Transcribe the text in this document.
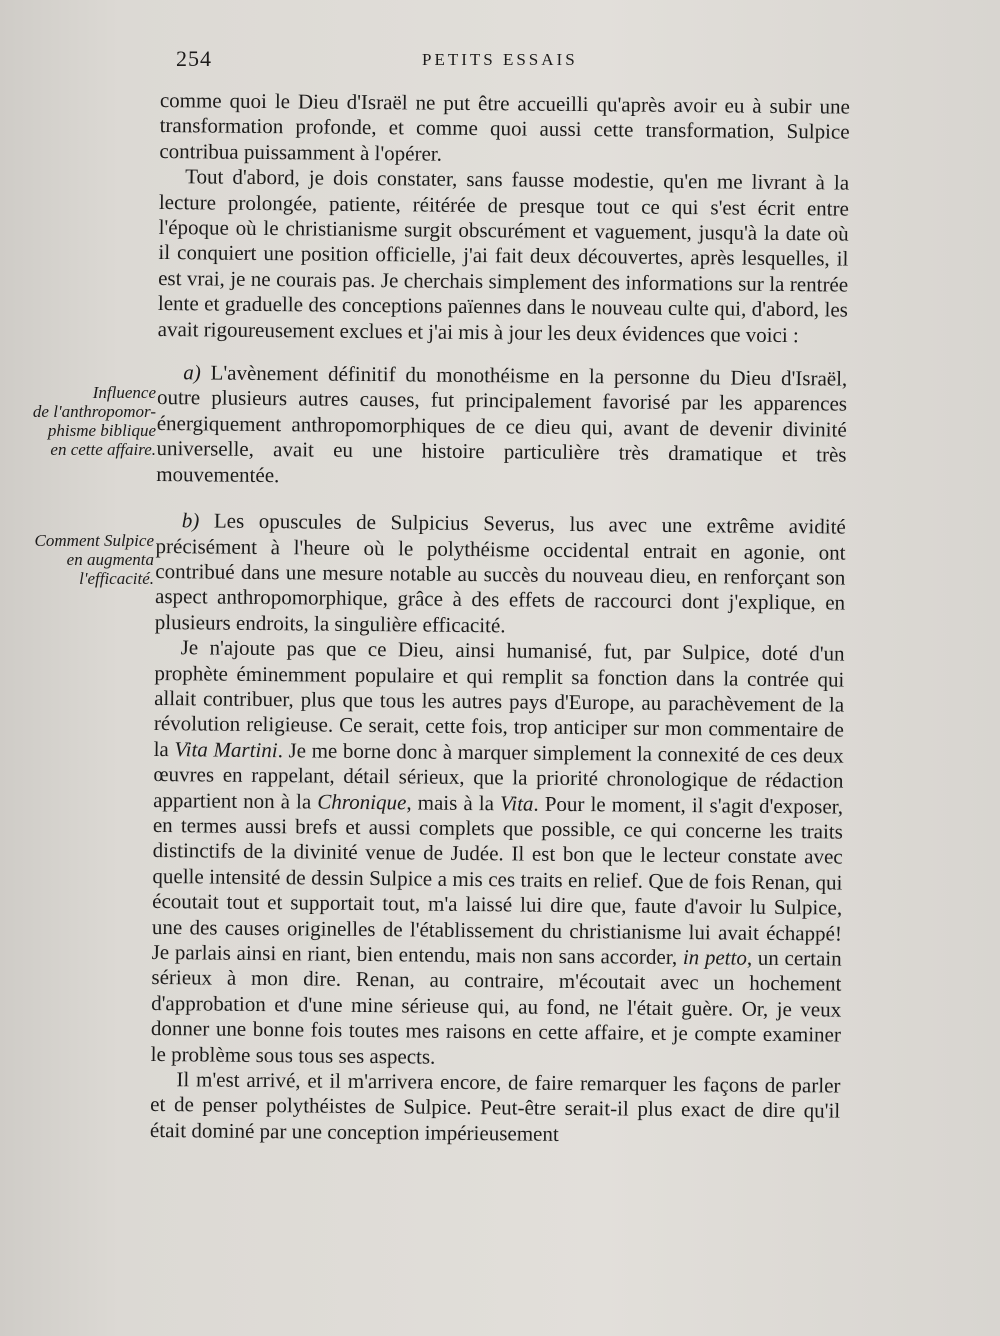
254	PETITS ESSAIS
Influence
de l'anthropomor-
phisme biblique
en cette affaire.
Comment Sulpice
en augmenta
l'efficacité.

comme quoi le Dieu d'Israël ne put être accueilli qu'après avoir eu à subir une transformation profonde, et comme quoi aussi cette transformation, Sulpice contribua puissamment à l'opérer.

Tout d'abord, je dois constater, sans fausse modestie, qu'en me livrant à la lecture prolongée, patiente, réitérée de presque tout ce qui s'est écrit entre l'époque où le christianisme surgit obscurément et vaguement, jusqu'à la date où il conquiert une position officielle, j'ai fait deux découvertes, après lesquelles, il est vrai, je ne courais pas. Je cherchais simplement des informations sur la rentrée lente et graduelle des conceptions païennes dans le nouveau culte qui, d'abord, les avait rigoureusement exclues et j'ai mis à jour les deux évidences que voici :

a) L'avènement définitif du monothéisme en la personne du Dieu d'Israël, outre plusieurs autres causes, fut principalement favorisé par les apparences énergiquement anthropomorphiques de ce dieu qui, avant de devenir divinité universelle, avait eu une histoire particulière très dramatique et très mouvementée.

b) Les opuscules de Sulpicius Severus, lus avec une extrême avidité précisément à l'heure où le polythéisme occidental entrait en agonie, ont contribué dans une mesure notable au succès du nouveau dieu, en renforçant son aspect anthropomorphique, grâce à des effets de raccourci dont j'explique, en plusieurs endroits, la singulière efficacité.

Je n'ajoute pas que ce Dieu, ainsi humanisé, fut, par Sulpice, doté d'un prophète éminemment populaire et qui remplit sa fonction dans la contrée qui allait contribuer, plus que tous les autres pays d'Europe, au parachèvement de la révolution religieuse. Ce serait, cette fois, trop anticiper sur mon commentaire de la Vita Martini. Je me borne donc à marquer simplement la connexité de ces deux œuvres en rappelant, détail sérieux, que la priorité chronologique de rédaction appartient non à la Chronique, mais à la Vita. Pour le moment, il s'agit d'exposer, en termes aussi brefs et aussi complets que possible, ce qui concerne les traits distinctifs de la divinité venue de Judée. Il est bon que le lecteur constate avec quelle intensité de dessin Sulpice a mis ces traits en relief. Que de fois Renan, qui écoutait tout et supportait tout, m'a laissé lui dire que, faute d'avoir lu Sulpice, une des causes originelles de l'établissement du christianisme lui avait échappé! Je parlais ainsi en riant, bien entendu, mais non sans accorder, in petto, un certain sérieux à mon dire. Renan, au contraire, m'écoutait avec un hochement d'approbation et d'une mine sérieuse qui, au fond, ne l'était guère. Or, je veux donner une bonne fois toutes mes raisons en cette affaire, et je compte examiner le problème sous tous ses aspects.

Il m'est arrivé, et il m'arrivera encore, de faire remarquer les façons de parler et de penser polythéistes de Sulpice. Peut-être serait-il plus exact de dire qu'il était dominé par une conception impérieusement
